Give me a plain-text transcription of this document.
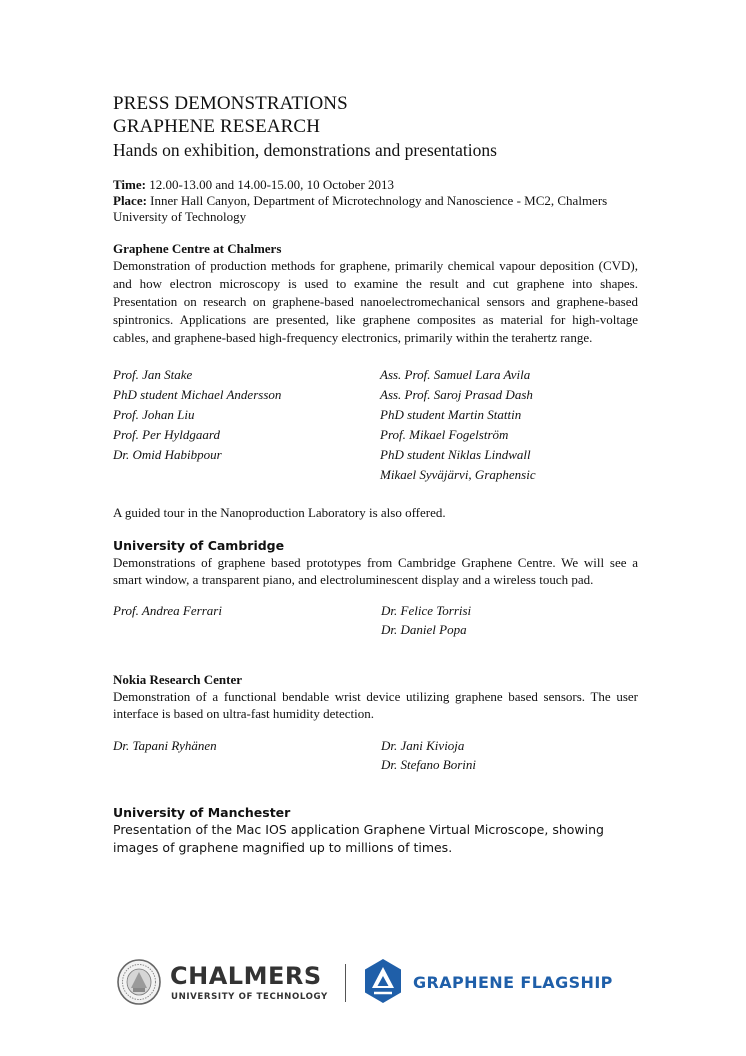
PRESS DEMONSTRATIONS
GRAPHENE RESEARCH
Hands on exhibition, demonstrations and presentations
Time: 12.00-13.00 and 14.00-15.00, 10 October 2013
Place: Inner Hall Canyon, Department of Microtechnology and Nanoscience - MC2, Chalmers University of Technology
Graphene Centre at Chalmers
Demonstration of production methods for graphene, primarily chemical vapour deposition (CVD), and how electron microscopy is used to examine the result and cut graphene into shapes. Presentation on research on graphene-based nanoelectromechanical sensors and graphene-based spintronics. Applications are presented, like graphene composites as material for high-voltage cables, and graphene-based high-frequency electronics, primarily within the terahertz range.
Prof. Jan Stake
PhD student Michael Andersson
Prof. Johan Liu
Prof. Per Hyldgaard
Dr. Omid Habibpour
Ass. Prof. Samuel Lara Avila
Ass. Prof. Saroj Prasad Dash
PhD student Martin Stattin
Prof. Mikael Fogelström
PhD student Niklas Lindwall
Mikael Syväjärvi, Graphensic
A guided tour in the Nanoproduction Laboratory is also offered.
University of Cambridge
Demonstrations of graphene based prototypes from Cambridge Graphene Centre. We will see a smart window, a transparent piano, and electroluminescent display and a wireless touch pad.
Prof. Andrea Ferrari	Dr. Felice Torrisi
Dr. Daniel Popa
Nokia Research Center
Demonstration of a functional bendable wrist device utilizing graphene based sensors. The user interface is based on ultra-fast humidity detection.
Dr. Tapani Ryhänen	Dr. Jani Kivioja
Dr. Stefano Borini
University of Manchester
Presentation of the Mac IOS application Graphene Virtual Microscope, showing images of graphene magnified up to millions of times.
CHALMERS
UNIVERSITY OF TECHNOLOGY
GRAPHENE FLAGSHIP
